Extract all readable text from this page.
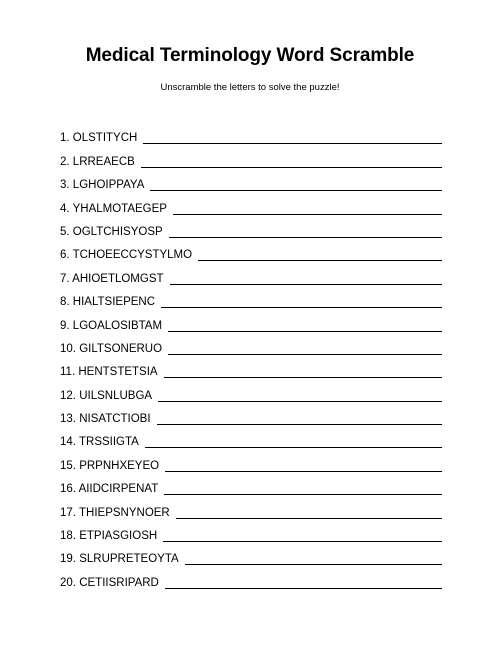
Medical Terminology Word Scramble
Unscramble the letters to solve the puzzle!
1. OLSTITYCH
2. LRREAECB
3. LGHOIPPAYA
4. YHALMOTAEGEP
5. OGLTCHISYOSP
6. TCHOEECCYSTYLMO
7. AHIOETLOMGST
8. HIALTSIEPENC
9. LGOALOSIBTAM
10. GILTSONERUO
11. HENTSTETSIA
12. UILSNLUBGA
13. NISATCTIOBI
14. TRSSIIGTA
15. PRPNHXEYEO
16. AIIDCIRPENAT
17. THIEPSNYNOER
18. ETPIASGIOSH
19. SLRUPRETEOYTA
20. CETIISRIPARD
